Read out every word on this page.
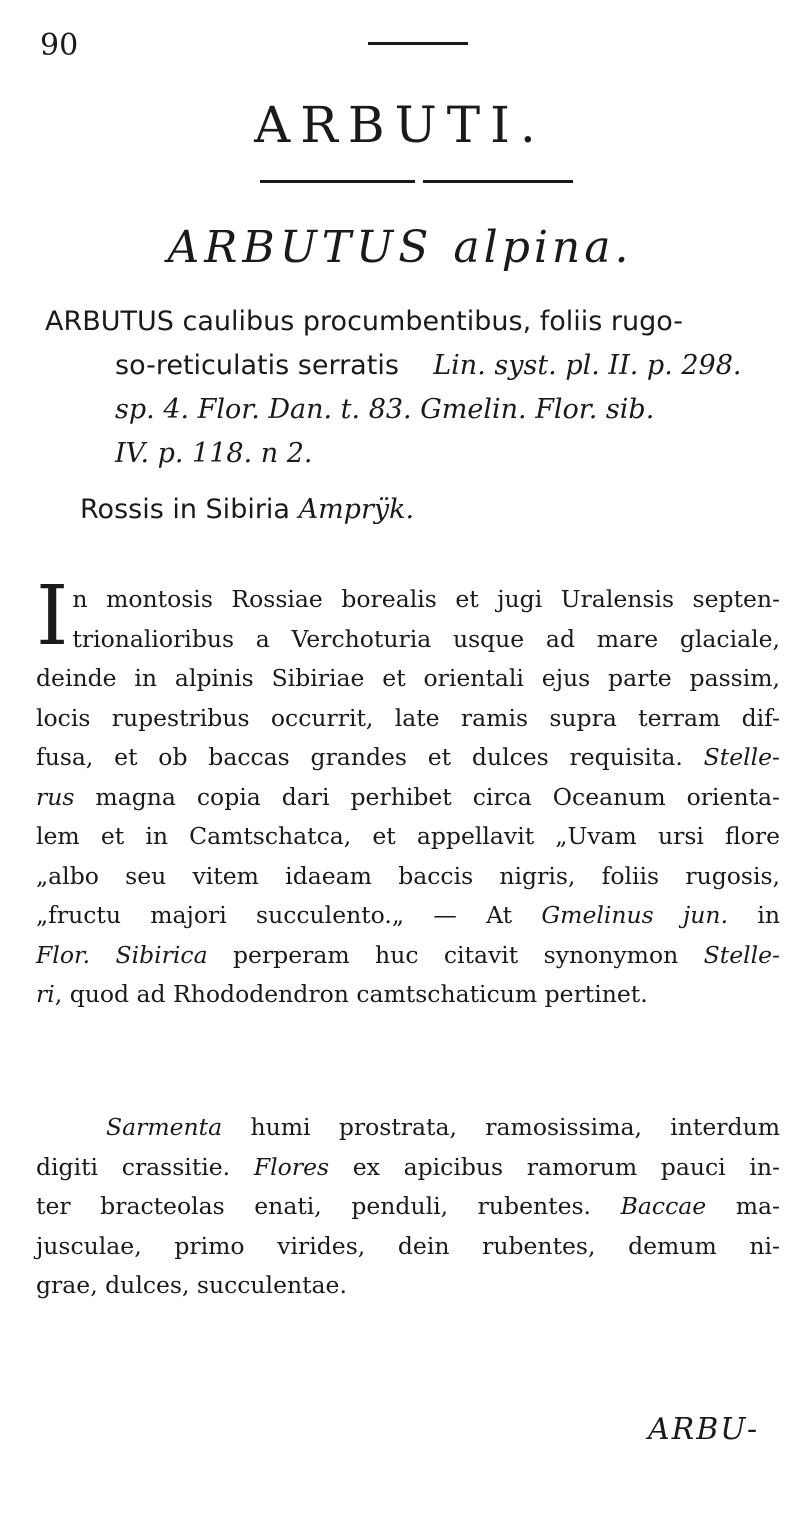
90
ARBUTI.
ARBUTUS alpina.
ARBUTUS caulibus procumbentibus, foliis rugo-
so-reticulatis serratis Lin. syst. pl. II. p. 298.
sp. 4. Flor. Dan. t. 83. Gmelin. Flor. sib.
IV. p. 118. n 2.
Rossis in Sibiria Amprÿk.
I n montosis Rossiae borealis et jugi Uralensis septen-
trionalioribus a Verchoturia usque ad mare glaciale,
deinde in alpinis Sibiriae et orientali ejus parte passim,
locis rupestribus occurrit, late ramis supra terram dif-
fusa, et ob baccas grandes et dulces requisita. Stelle-
rus magna copia dari perhibet circa Oceanum orienta-
lem et in Camtschatca, et appellavit „Uvam ursi flore
„albo seu vitem idaeam baccis nigris, foliis rugosis,
„fructu majori succulento.„ — At Gmelinus jun. in
Flor. Sibirica perperam huc citavit synonymon Stelle-
ri, quod ad Rhododendron camtschaticum pertinet.
Sarmenta humi prostrata, ramosissima, interdum
digiti crassitie. Flores ex apicibus ramorum pauci in-
ter bracteolas enati, penduli, rubentes. Baccae ma-
jusculae, primo virides, dein rubentes, demum ni-
grae, dulces, succulentae.
ARBU-
